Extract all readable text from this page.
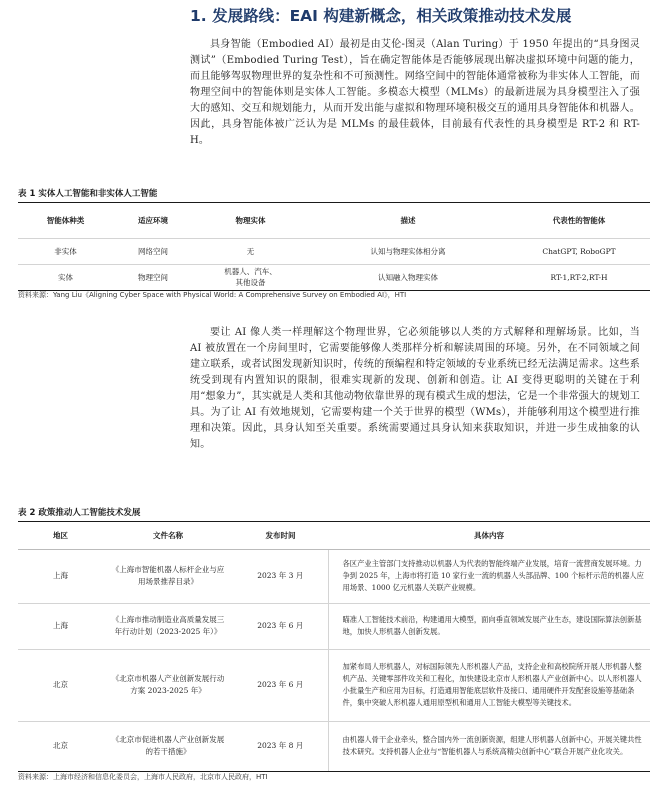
1. 发展路线：EAI 构建新概念，相关政策推动技术发展

具身智能（Embodied AI）最初是由艾伦-图灵（Alan Turing）于 1950 年提出的“具身图灵测试”（Embodied Turing Test），旨在确定智能体是否能够展现出解决虚拟环境中问题的能力，而且能够驾驭物理世界的复杂性和不可预测性。网络空间中的智能体通常被称为非实体人工智能，而物理空间中的智能体则是实体人工智能。多模态大模型（MLMs）的最新进展为具身模型注入了强大的感知、交互和规划能力，从而开发出能与虚拟和物理环境积极交互的通用具身智能体和机器人。因此，具身智能体被广泛认为是 MLMs 的最佳载体，目前最有代表性的具身模型是 RT-2 和 RT-H。

表 1 实体人工智能和非实体人工智能
智能体种类	适应环境	物理实体	描述	代表性的智能体
非实体	网络空间	无	认知与物理实体相分离	ChatGPT, RoboGPT
实体	物理空间	机器人、汽车、其他设备	认知融入物理实体	RT-1,RT-2,RT-H
资料来源：Yang Liu《Aligning Cyber Space with Physical World: A Comprehensive Survey on Embodied AI》，HTI

要让 AI 像人类一样理解这个物理世界，它必须能够以人类的方式解释和理解场景。比如，当 AI 被放置在一个房间里时，它需要能够像人类那样分析和解读周围的环境。另外，在不同领域之间建立联系，或者试图发现新知识时，传统的预编程和特定领域的专业系统已经无法满足需求。这些系统受到现有内置知识的限制，很难实现新的发现、创新和创造。让 AI 变得更聪明的关键在于利用“想象力”，其实就是人类和其他动物依靠世界的现有模式生成的想法，它是一个非常强大的规划工具。为了让 AI 有效地规划，它需要构建一个关于世界的模型（WMs），并能够利用这个模型进行推理和决策。因此，具身认知至关重要。系统需要通过具身认知来获取知识，并进一步生成抽象的认知。

表 2 政策推动人工智能技术发展
地区	文件名称	发布时间	具体内容
上海	《上海市智能机器人标杆企业与应用场景推荐目录》	2023 年 3 月	各区产业主管部门支持推动以机器人为代表的智能终端产业发展，培育一流营商发展环境。力争到 2025 年，上海市将打造 10 家行业一流的机器人头部品牌、100 个标杆示范的机器人应用场景、1000 亿元机器人关联产业规模。
上海	《上海市推动制造业高质量发展三年行动计划（2023-2025 年）》	2023 年 6 月	瞄准人工智能技术前沿，构建通用大模型，面向垂直领域发展产业生态，建设国际算法创新基地，加快人形机器人创新发展。
北京	《北京市机器人产业创新发展行动方案 2023-2025 年》	2023 年 6 月	加紧布局人形机器人，对标国际领先人形机器人产品，支持企业和高校院所开展人形机器人整机产品、关键零部件攻关和工程化，加快建设北京市人形机器人产业创新中心。以人形机器人小批量生产和应用为目标，打造通用智能底层软件及接口、通用硬件开发配套设施等基础条件，集中突破人形机器人通用原型机和通用人工智能大模型等关键技术。
北京	《北京市促进机器人产业创新发展的若干措施》	2023 年 8 月	由机器人骨干企业牵头，整合国内外一流创新资源，组建人形机器人创新中心，开展关键共性技术研究。支持机器人企业与“智能机器人与系统高精尖创新中心”联合开展产业化攻关。
资料来源：上海市经济和信息化委员会，上海市人民政府，北京市人民政府，HTI
